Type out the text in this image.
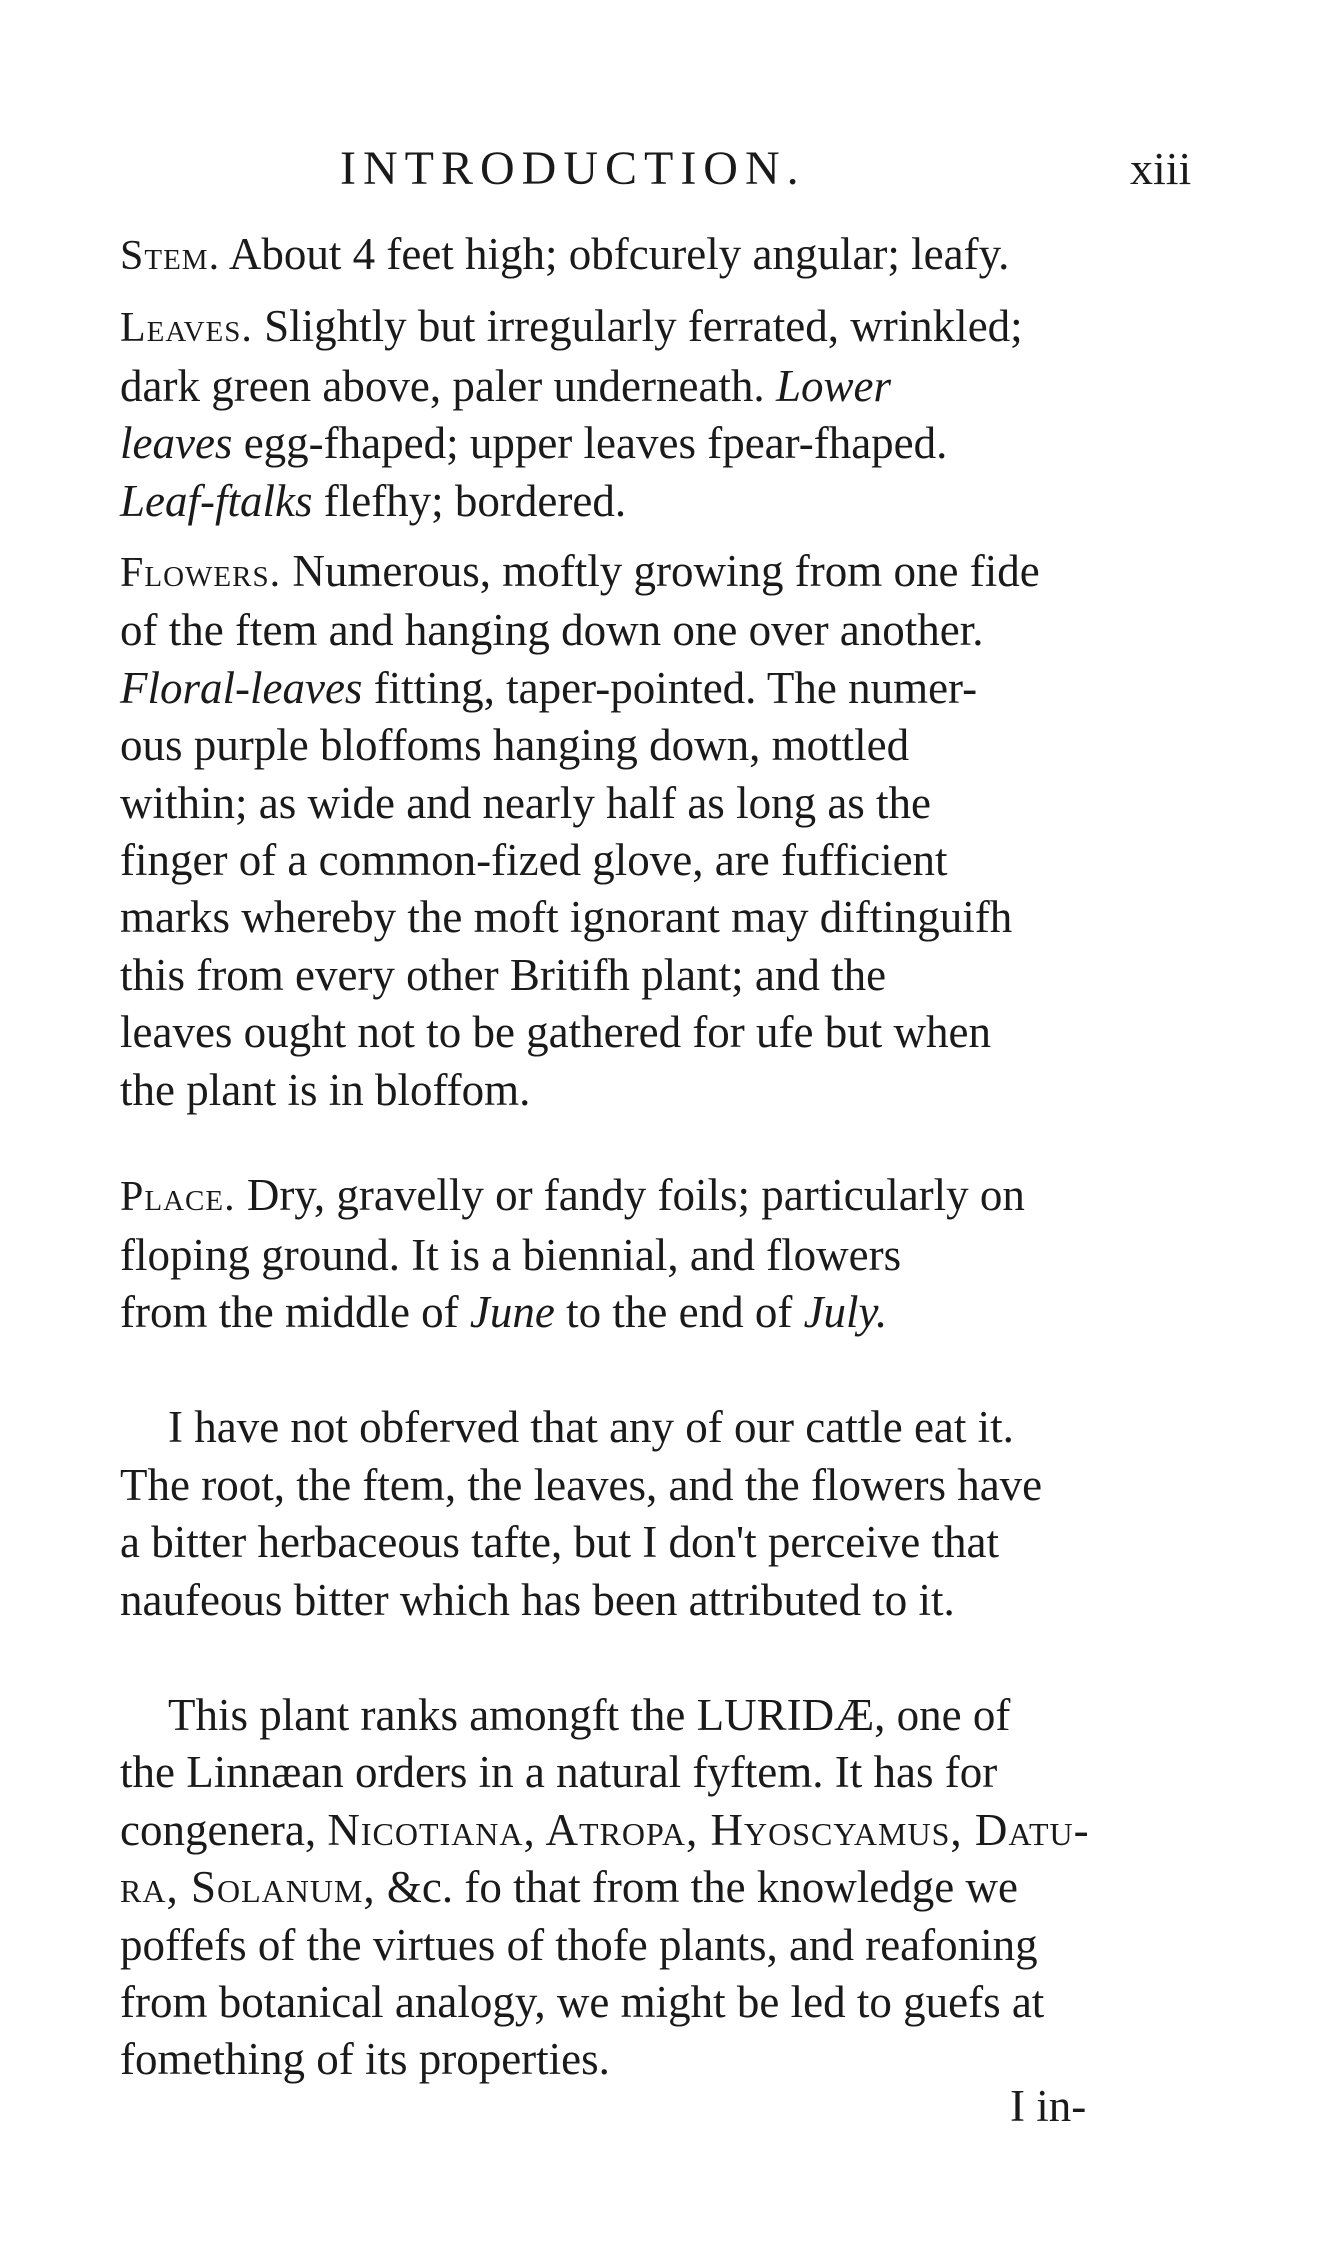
INTRODUCTION.	xiii

Stem. About 4 feet high; obfcurely angular; leafy.

Leaves. Slightly but irregularly ferrated, wrinkled;
dark green above, paler underneath. Lower
leaves egg-fhaped; upper leaves fpear-fhaped.
Leaf-ftalks flefhy; bordered.

Flowers. Numerous, moftly growing from one fide
of the ftem and hanging down one over another.
Floral-leaves fitting, taper-pointed. The numer-
ous purple bloffoms hanging down, mottled
within; as wide and nearly half as long as the
finger of a common-fized glove, are fufficient
marks whereby the moft ignorant may diftinguifh
this from every other Britifh plant; and the
leaves ought not to be gathered for ufe but when
the plant is in bloffom.

Place. Dry, gravelly or fandy foils; particularly on
floping ground. It is a biennial, and flowers
from the middle of June to the end of July.

I have not obferved that any of our cattle eat it.
The root, the ftem, the leaves, and the flowers have
a bitter herbaceous tafte, but I don't perceive that
naufeous bitter which has been attributed to it.

This plant ranks amongft the LURIDÆ, one of
the Linnæan orders in a natural fyftem. It has for
congenera, Nicotiana, Atropa, Hyoscyamus, Datu-
ra, Solanum, &c. fo that from the knowledge we
poffefs of the virtues of thofe plants, and reafoning
from botanical analogy, we might be led to guefs at
fomething of its properties.

I in-
